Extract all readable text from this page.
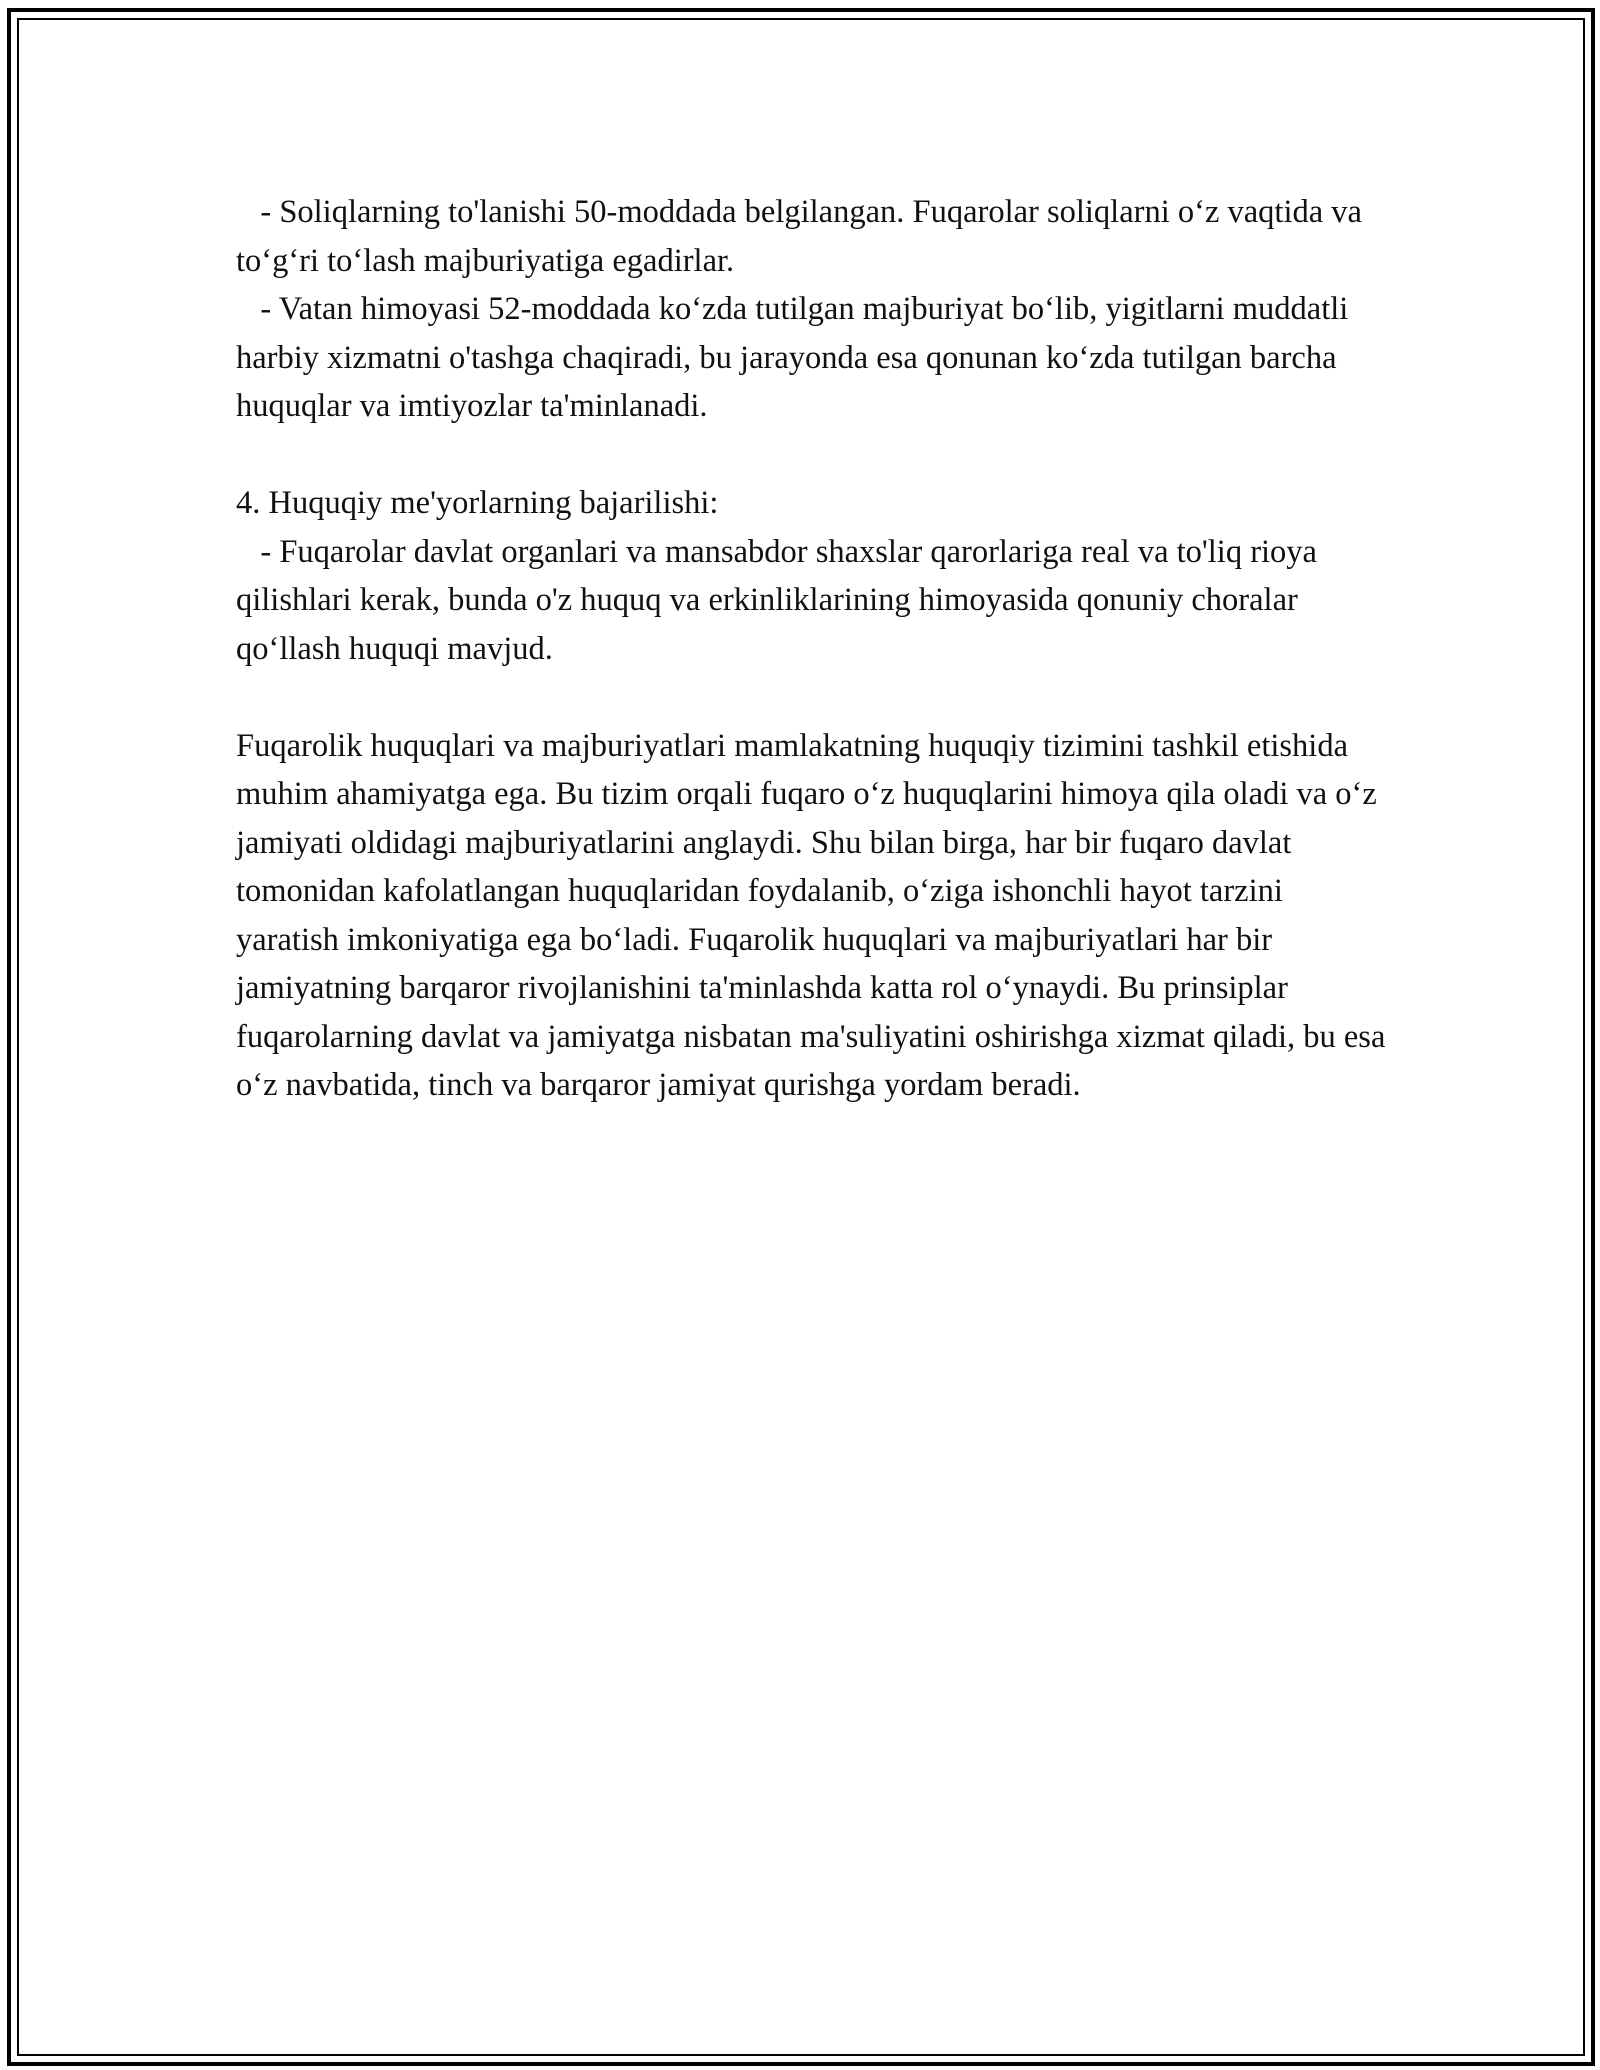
- Soliqlarning to'lanishi 50-moddada belgilangan. Fuqarolar soliqlarni o‘z vaqtida va to‘g‘ri to‘lash majburiyatiga egadirlar.

- Vatan himoyasi 52-moddada ko‘zda tutilgan majburiyat bo‘lib, yigitlarni muddatli harbiy xizmatni o'tashga chaqiradi, bu jarayonda esa qonunan ko‘zda tutilgan barcha huquqlar va imtiyozlar ta'minlanadi.

4. Huquqiy me'yorlarning bajarilishi:

- Fuqarolar davlat organlari va mansabdor shaxslar qarorlariga real va to'liq rioya qilishlari kerak, bunda o'z huquq va erkinliklarining himoyasida qonuniy choralar qo‘llash huquqi mavjud.

Fuqarolik huquqlari va majburiyatlari mamlakatning huquqiy tizimini tashkil etishida muhim ahamiyatga ega. Bu tizim orqali fuqaro o‘z huquqlarini himoya qila oladi va o‘z jamiyati oldidagi majburiyatlarini anglaydi. Shu bilan birga, har bir fuqaro davlat tomonidan kafolatlangan huquqlaridan foydalanib, o‘ziga ishonchli hayot tarzini yaratish imkoniyatiga ega bo‘ladi. Fuqarolik huquqlari va majburiyatlari har bir jamiyatning barqaror rivojlanishini ta'minlashda katta rol o‘ynaydi. Bu prinsiplar fuqarolarning davlat va jamiyatga nisbatan ma'suliyatini oshirishga xizmat qiladi, bu esa o‘z navbatida, tinch va barqaror jamiyat qurishga yordam beradi.
